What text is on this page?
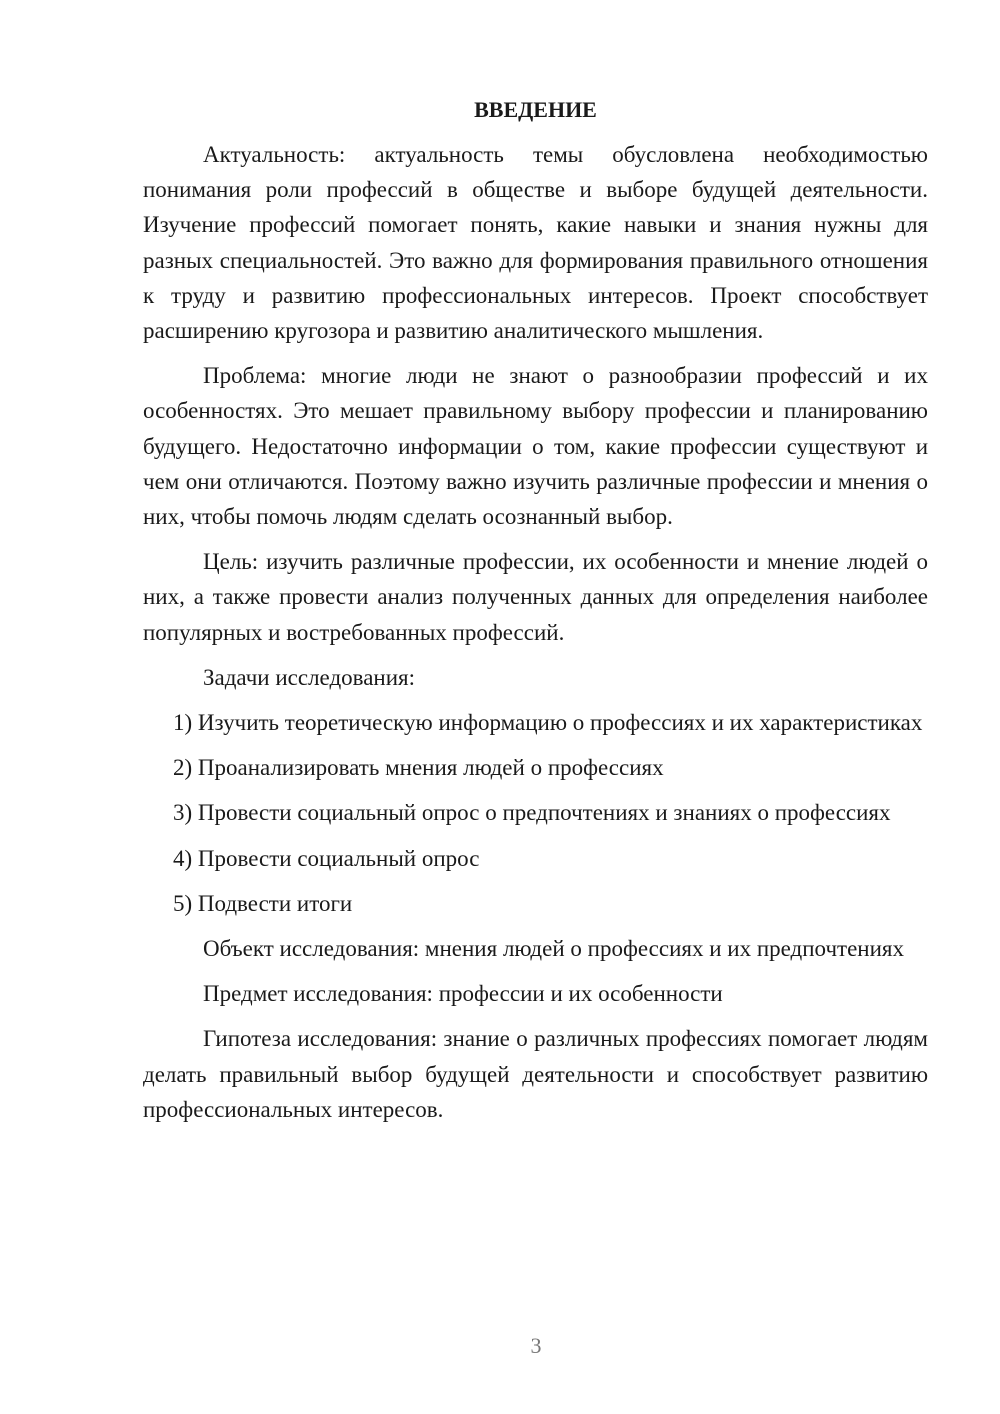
ВВЕДЕНИЕ

Актуальность: актуальность темы обусловлена необходимостью понимания роли профессий в обществе и выборе будущей деятельности. Изучение профессий помогает понять, какие навыки и знания нужны для разных специальностей. Это важно для формирования правильного отношения к труду и развитию профессиональных интересов. Проект способствует расширению кругозора и развитию аналитического мышления.

Проблема: многие люди не знают о разнообразии профессий и их особенностях. Это мешает правильному выбору профессии и планированию будущего. Недостаточно информации о том, какие профессии существуют и чем они отличаются. Поэтому важно изучить различные профессии и мнения о них, чтобы помочь людям сделать осознанный выбор.

Цель: изучить различные профессии, их особенности и мнение людей о них, а также провести анализ полученных данных для определения наиболее популярных и востребованных профессий.

Задачи исследования:

1) Изучить теоретическую информацию о профессиях и их характеристиках

2) Проанализировать мнения людей о профессиях

3) Провести социальный опрос о предпочтениях и знаниях о профессиях

4) Провести социальный опрос

5) Подвести итоги

Объект исследования: мнения людей о профессиях и их предпочтениях

Предмет исследования: профессии и их особенности

Гипотеза исследования: знание о различных профессиях помогает людям делать правильный выбор будущей деятельности и способствует развитию профессиональных интересов.

3
